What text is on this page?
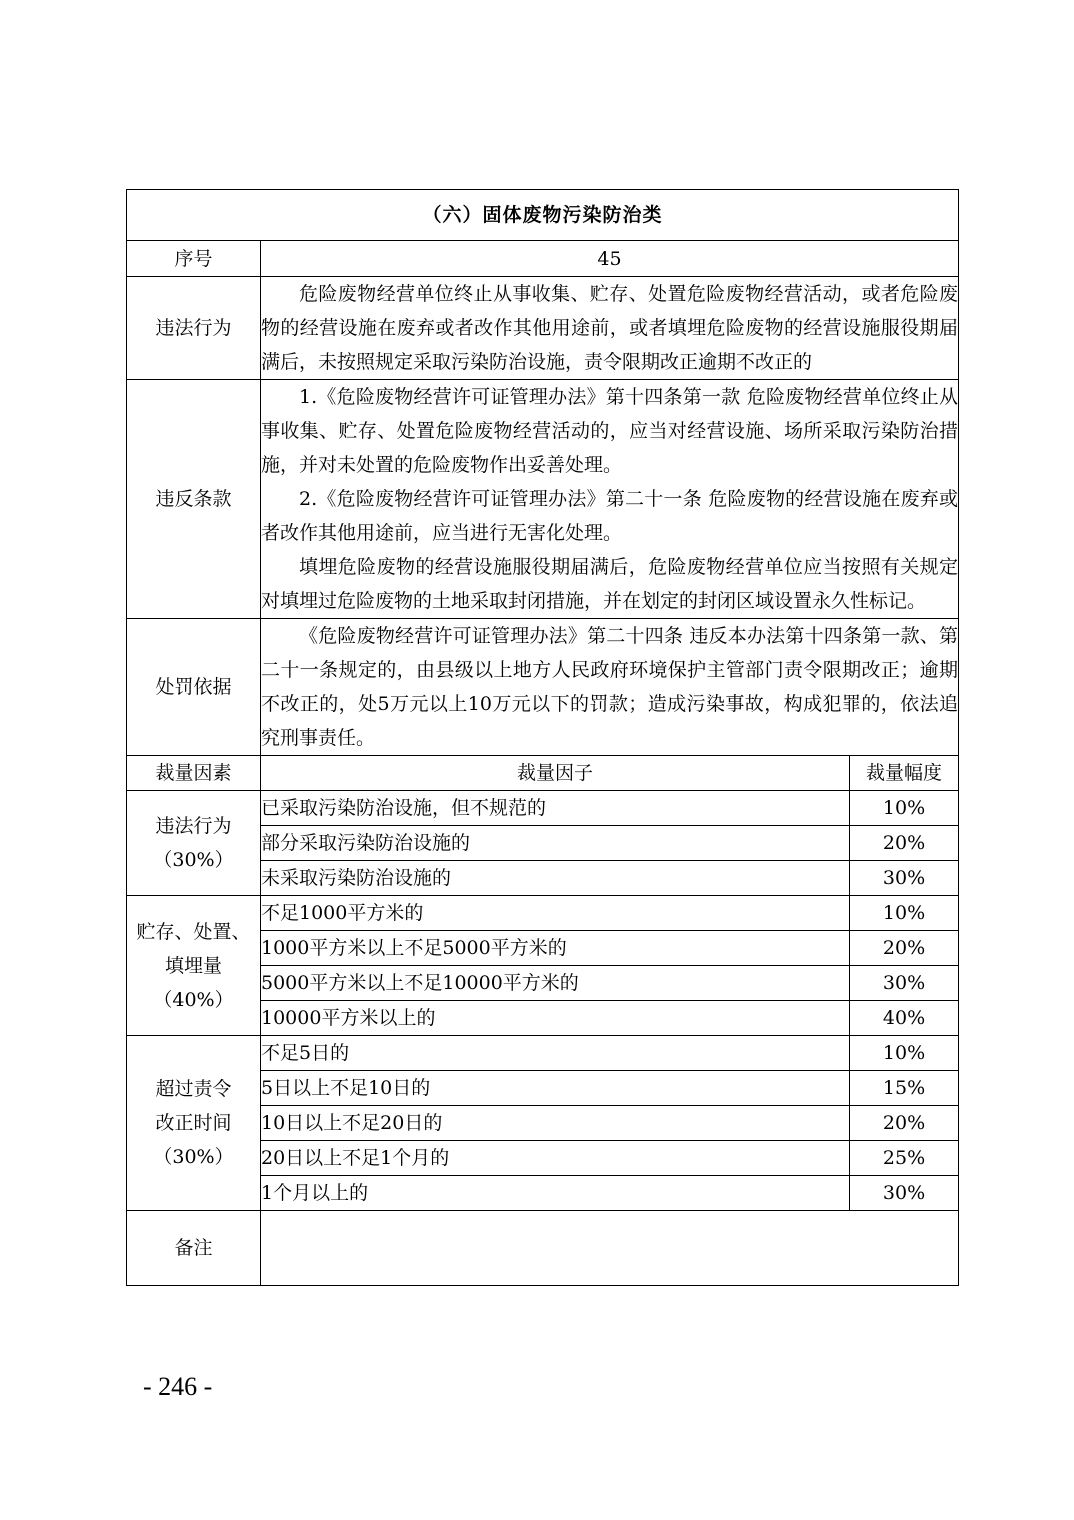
（六）固体废物污染防治类		
序号	45	
违法行为	危险废物经营单位终止从事收集、贮存、处置危险废物经营活动，或者危险废物的经营设施在废弃或者改作其他用途前，或者填埋危险废物的经营设施服役期届满后，未按照规定采取污染防治设施，责令限期改正逾期不改正的	

违反条款	1.《危险废物经营许可证管理办法》第十四条第一款 危险废物经营单位终止从事收集、贮存、处置危险废物经营活动的，应当对经营设施、场所采取污染防治措施，并对未处置的危险废物作出妥善处理。

2.《危险废物经营许可证管理办法》第二十一条 危险废物的经营设施在废弃或者改作其他用途前，应当进行无害化处理。

填埋危险废物的经营设施服役期届满后，危险废物经营单位应当按照有关规定对填埋过危险废物的土地采取封闭措施，并在划定的封闭区域设置永久性标记。	

处罚依据	《危险废物经营许可证管理办法》第二十四条 违反本办法第十四条第一款、第二十一条规定的，由县级以上地方人民政府环境保护主管部门责令限期改正；逾期不改正的，处5万元以上10万元以下的罚款；造成污染事故，构成犯罪的，依法追究刑事责任。	

裁量因素	裁量因子	裁量幅度

违法行为
（30%）	已采取污染防治设施，但不规范的	10%
	部分采取污染防治设施的	20%
	未采取污染防治设施的	30%

贮存、处置、
填埋量
（40%）	不足1000平方米的	10%
	1000平方米以上不足5000平方米的	20%
	5000平方米以上不足10000平方米的	30%
	10000平方米以上的	40%

超过责令
改正时间
（30%）	不足5日的	10%
	5日以上不足10日的	15%
	10日以上不足20日的	20%
	20日以上不足1个月的	25%
	1个月以上的	30%
备注		
- 246 -
